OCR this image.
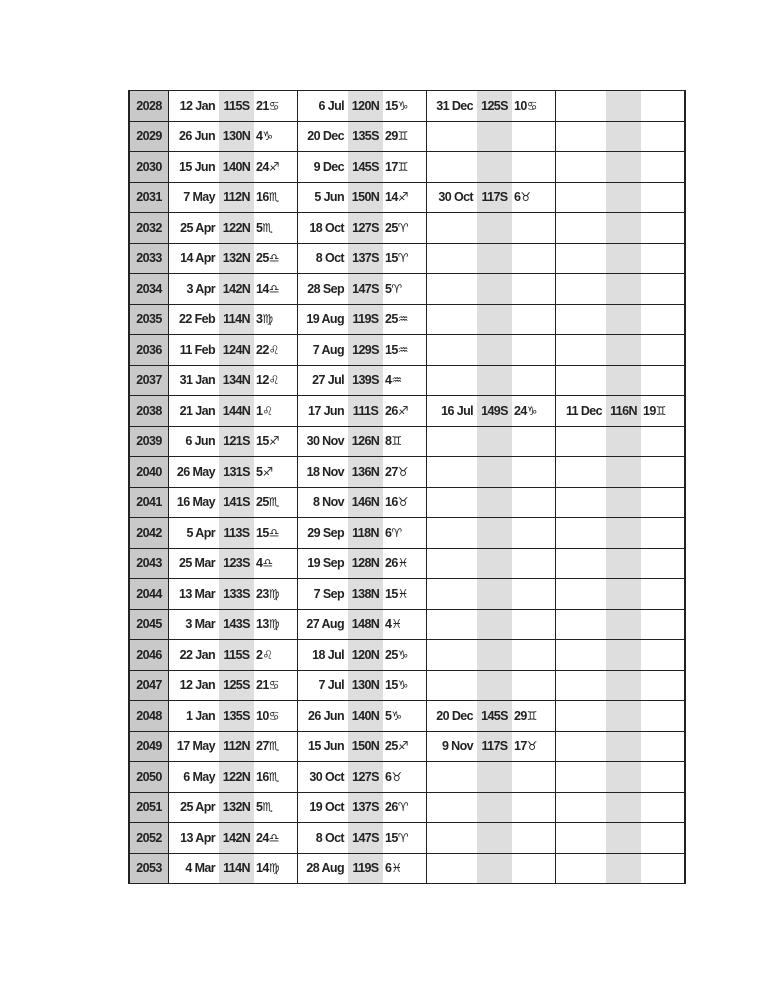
2028	12 Jan	115S	21♋	6 Jul	120N	15♑	31 Dec	125S	10♋			
2029	26 Jun	130N	4♑	20 Dec	135S	29♊						
2030	15 Jun	140N	24♐	9 Dec	145S	17♊						
2031	7 May	112N	16♏	5 Jun	150N	14♐	30 Oct	117S	6♉			
2032	25 Apr	122N	5♏	18 Oct	127S	25♈						
2033	14 Apr	132N	25♎	8 Oct	137S	15♈						
2034	3 Apr	142N	14♎	28 Sep	147S	5♈						
2035	22 Feb	114N	3♍	19 Aug	119S	25♒						
2036	11 Feb	124N	22♌	7 Aug	129S	15♒						
2037	31 Jan	134N	12♌	27 Jul	139S	4♒						
2038	21 Jan	144N	1♌	17 Jun	111S	26♐	16 Jul	149S	24♑	11 Dec	116N	19♊
2039	6 Jun	121S	15♐	30 Nov	126N	8♊						
2040	26 May	131S	5♐	18 Nov	136N	27♉						
2041	16 May	141S	25♏	8 Nov	146N	16♉						
2042	5 Apr	113S	15♎	29 Sep	118N	6♈						
2043	25 Mar	123S	4♎	19 Sep	128N	26♓						
2044	13 Mar	133S	23♍	7 Sep	138N	15♓						
2045	3 Mar	143S	13♍	27 Aug	148N	4♓						
2046	22 Jan	115S	2♌	18 Jul	120N	25♑						
2047	12 Jan	125S	21♋	7 Jul	130N	15♑						
2048	1 Jan	135S	10♋	26 Jun	140N	5♑	20 Dec	145S	29♊			
2049	17 May	112N	27♏	15 Jun	150N	25♐	9 Nov	117S	17♉			
2050	6 May	122N	16♏	30 Oct	127S	6♉						
2051	25 Apr	132N	5♏	19 Oct	137S	26♈						
2052	13 Apr	142N	24♎	8 Oct	147S	15♈						
2053	4 Mar	114N	14♍	28 Aug	119S	6♓						
